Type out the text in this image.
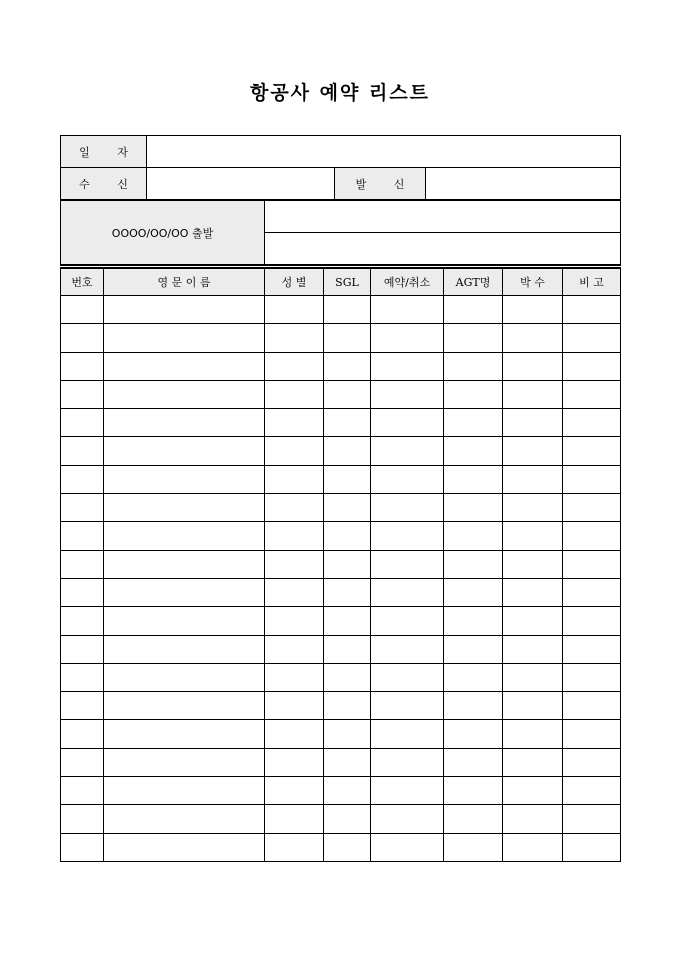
항공사 예약 리스트
일 자			
수 신		발 신	
OOOO/OO/OO 출발	

번호	영 문 이 름	성 별	SGL	예약/취소	AGT명	박 수	비 고
